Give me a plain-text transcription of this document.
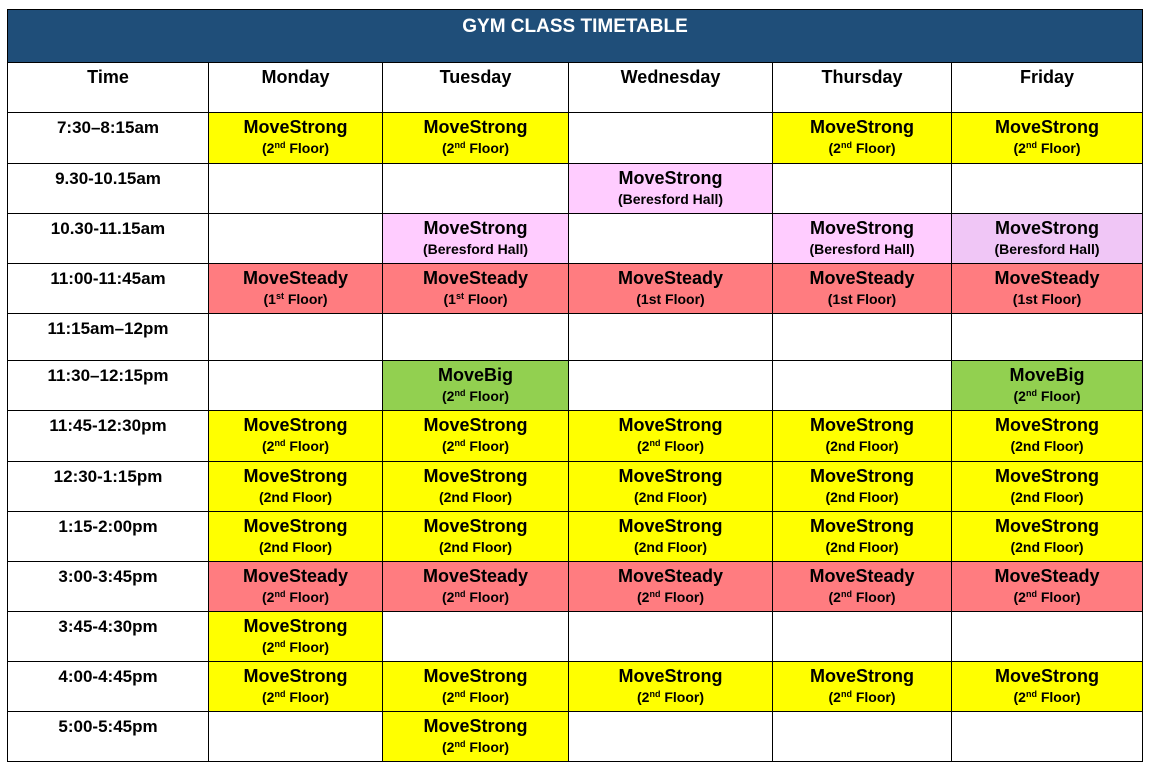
GYM CLASS TIMETABLE					
Time	Monday	Tuesday	Wednesday	Thursday	Friday
7:30–8:15am	MoveStrong
(2nd Floor)	MoveStrong
(2nd Floor)		MoveStrong
(2nd Floor)	MoveStrong
(2nd Floor)

9.30-10.15am			MoveStrong
(Beresford Hall)		

10.30-11.15am		MoveStrong
(Beresford Hall)		MoveStrong
(Beresford Hall)	MoveStrong
(Beresford Hall)

11:00-11:45am	MoveSteady
(1st Floor)	MoveSteady
(1st Floor)	MoveSteady
(1st Floor)	MoveSteady
(1st Floor)	MoveSteady
(1st Floor)

11:15am–12pm					
11:30–12:15pm		MoveBig
(2nd Floor)			MoveBig
(2nd Floor)

11:45-12:30pm	MoveStrong
(2nd Floor)	MoveStrong
(2nd Floor)	MoveStrong
(2nd Floor)	MoveStrong
(2nd Floor)	MoveStrong
(2nd Floor)

12:30-1:15pm	MoveStrong
(2nd Floor)	MoveStrong
(2nd Floor)	MoveStrong
(2nd Floor)	MoveStrong
(2nd Floor)	MoveStrong
(2nd Floor)

1:15-2:00pm	MoveStrong
(2nd Floor)	MoveStrong
(2nd Floor)	MoveStrong
(2nd Floor)	MoveStrong
(2nd Floor)	MoveStrong
(2nd Floor)

3:00-3:45pm	MoveSteady
(2nd Floor)	MoveSteady
(2nd Floor)	MoveSteady
(2nd Floor)	MoveSteady
(2nd Floor)	MoveSteady
(2nd Floor)

3:45-4:30pm	MoveStrong
(2nd Floor)				

4:00-4:45pm	MoveStrong
(2nd Floor)	MoveStrong
(2nd Floor)	MoveStrong
(2nd Floor)	MoveStrong
(2nd Floor)	MoveStrong
(2nd Floor)

5:00-5:45pm		MoveStrong
(2nd Floor)			
